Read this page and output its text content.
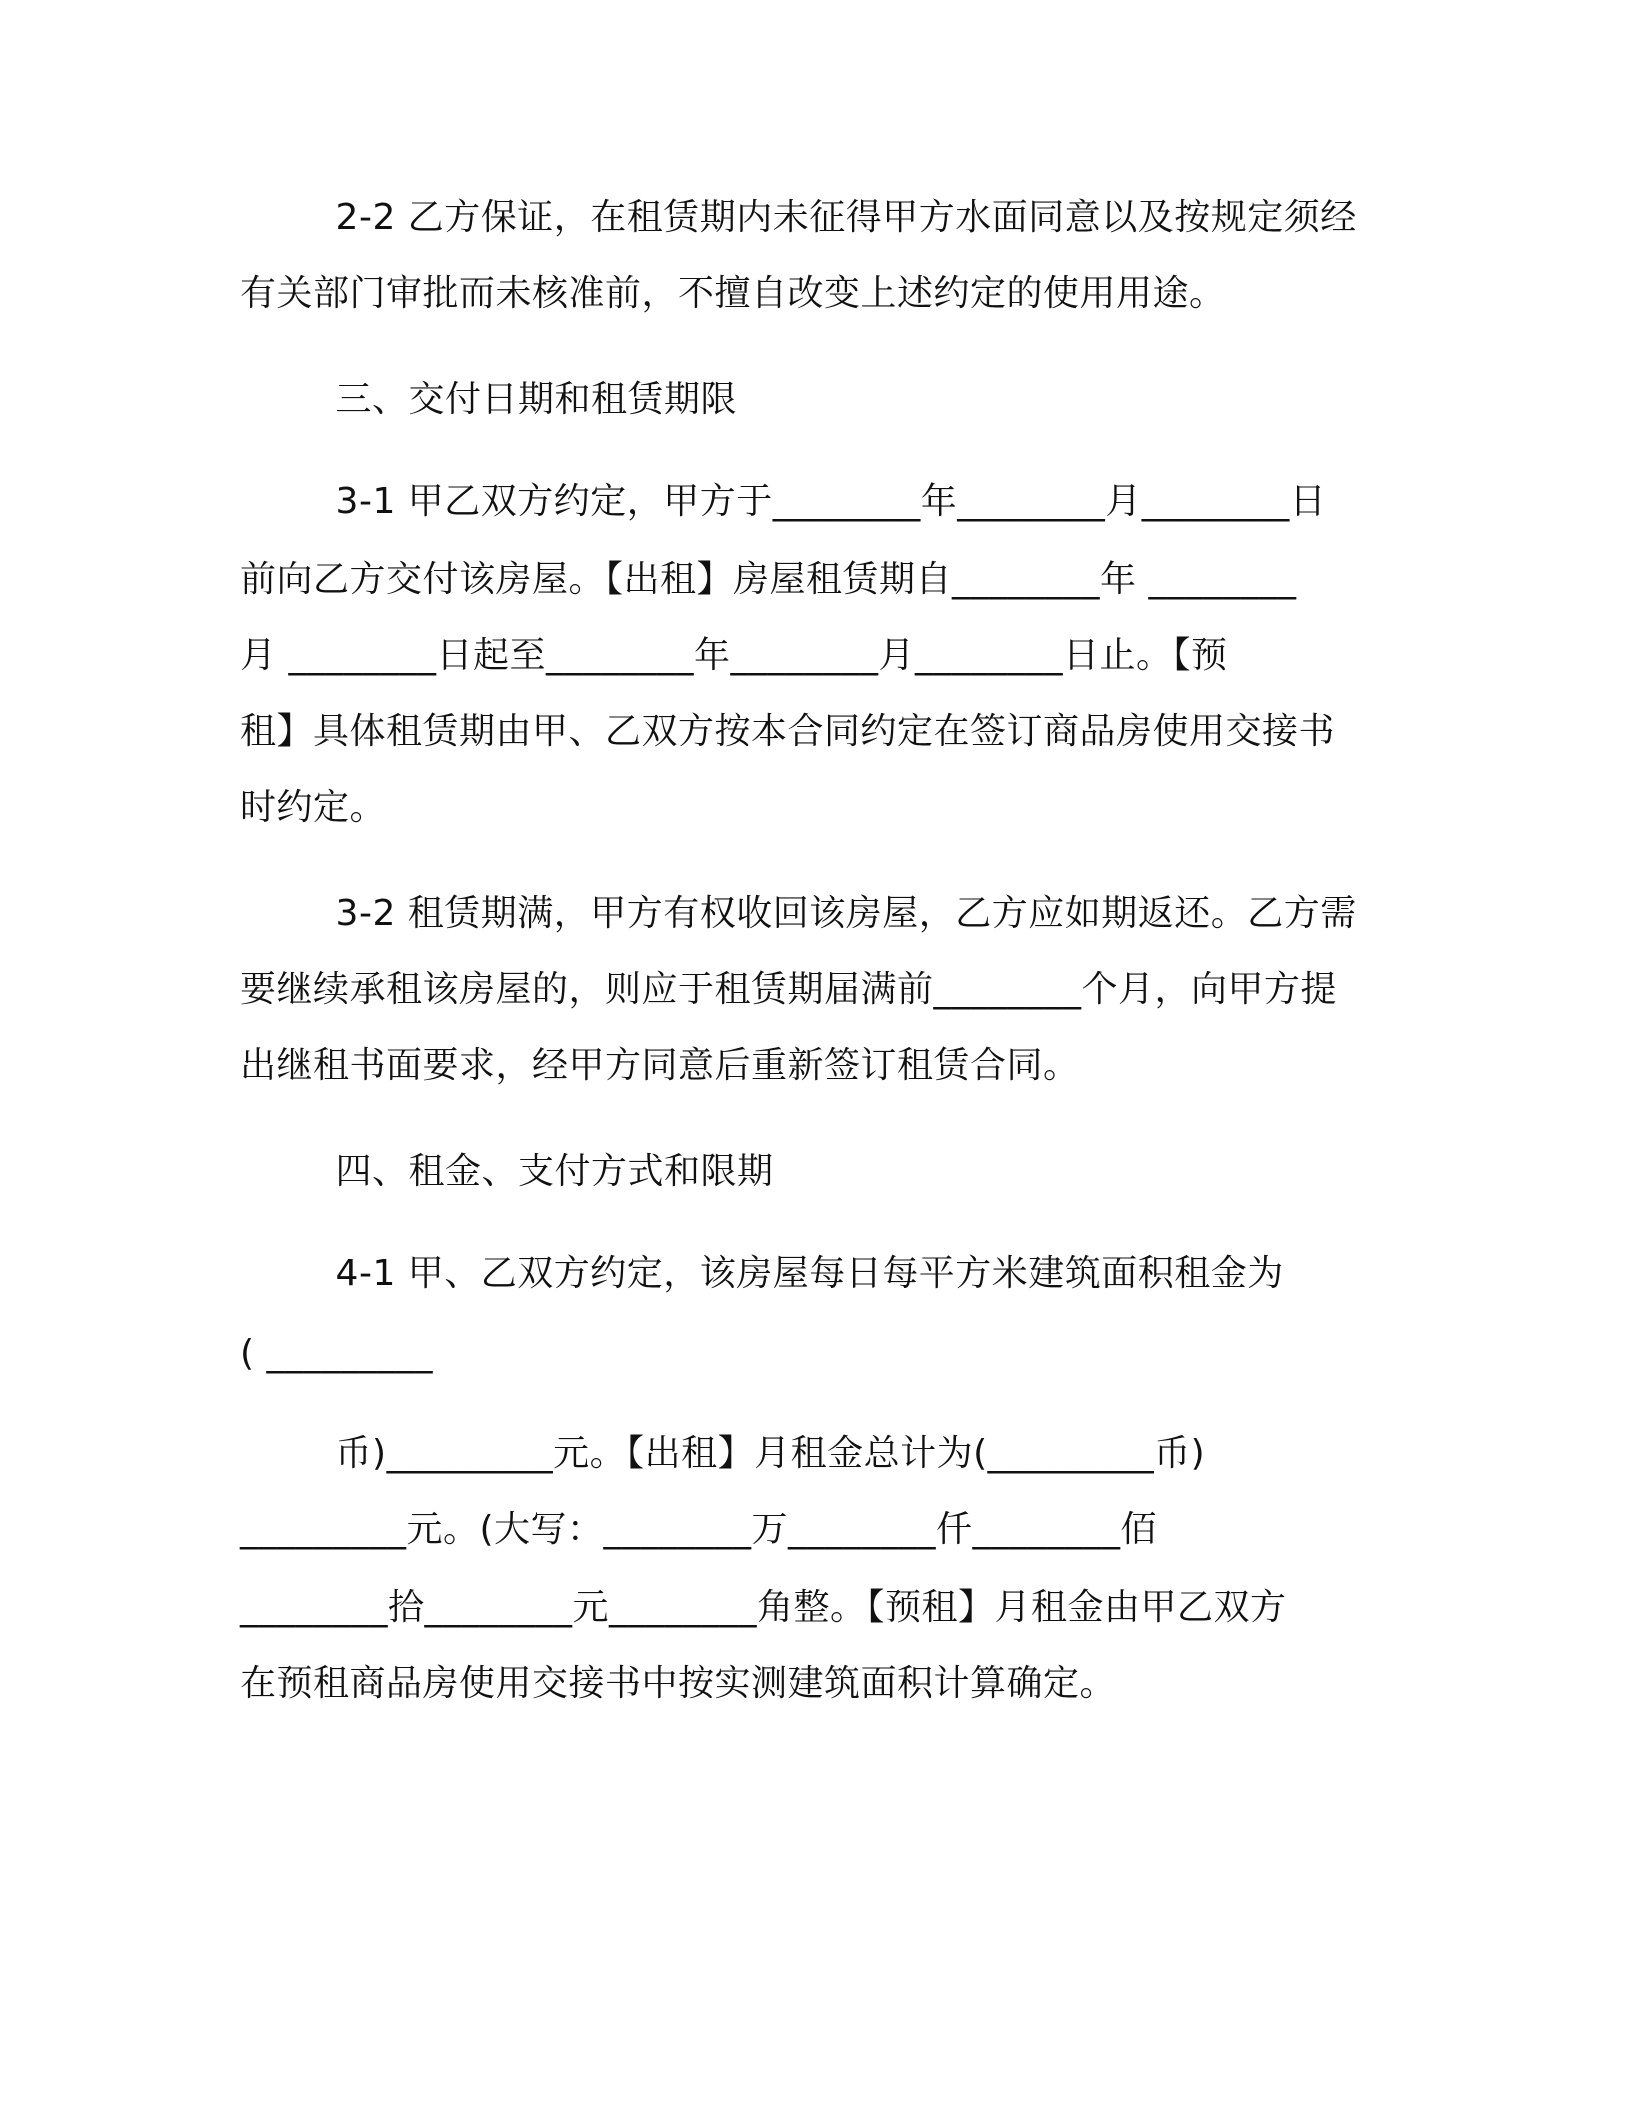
2-2 乙方保证，在租赁期内未征得甲方水面同意以及按规定须经
有关部门审批而未核准前，不擅自改变上述约定的使用用途。
三、交付日期和租赁期限
3-1 甲乙双方约定，甲方于________年________月________日
前向乙方交付该房屋。【出租】房屋租赁期自________年 ________
月 ________日起至________年________月________日止。【预
租】具体租赁期由甲、乙双方按本合同约定在签订商品房使用交接书
时约定。
3-2 租赁期满，甲方有权收回该房屋，乙方应如期返还。乙方需
要继续承租该房屋的，则应于租赁期届满前________个月，向甲方提
出继租书面要求，经甲方同意后重新签订租赁合同。
四、租金、支付方式和限期
4-1 甲、乙双方约定，该房屋每日每平方米建筑面积租金为
( _________
币)_________元。【出租】月租金总计为(_________币)
_________元。(大写：________万________仟________佰
________拾________元________角整。【预租】月租金由甲乙双方
在预租商品房使用交接书中按实测建筑面积计算确定。
